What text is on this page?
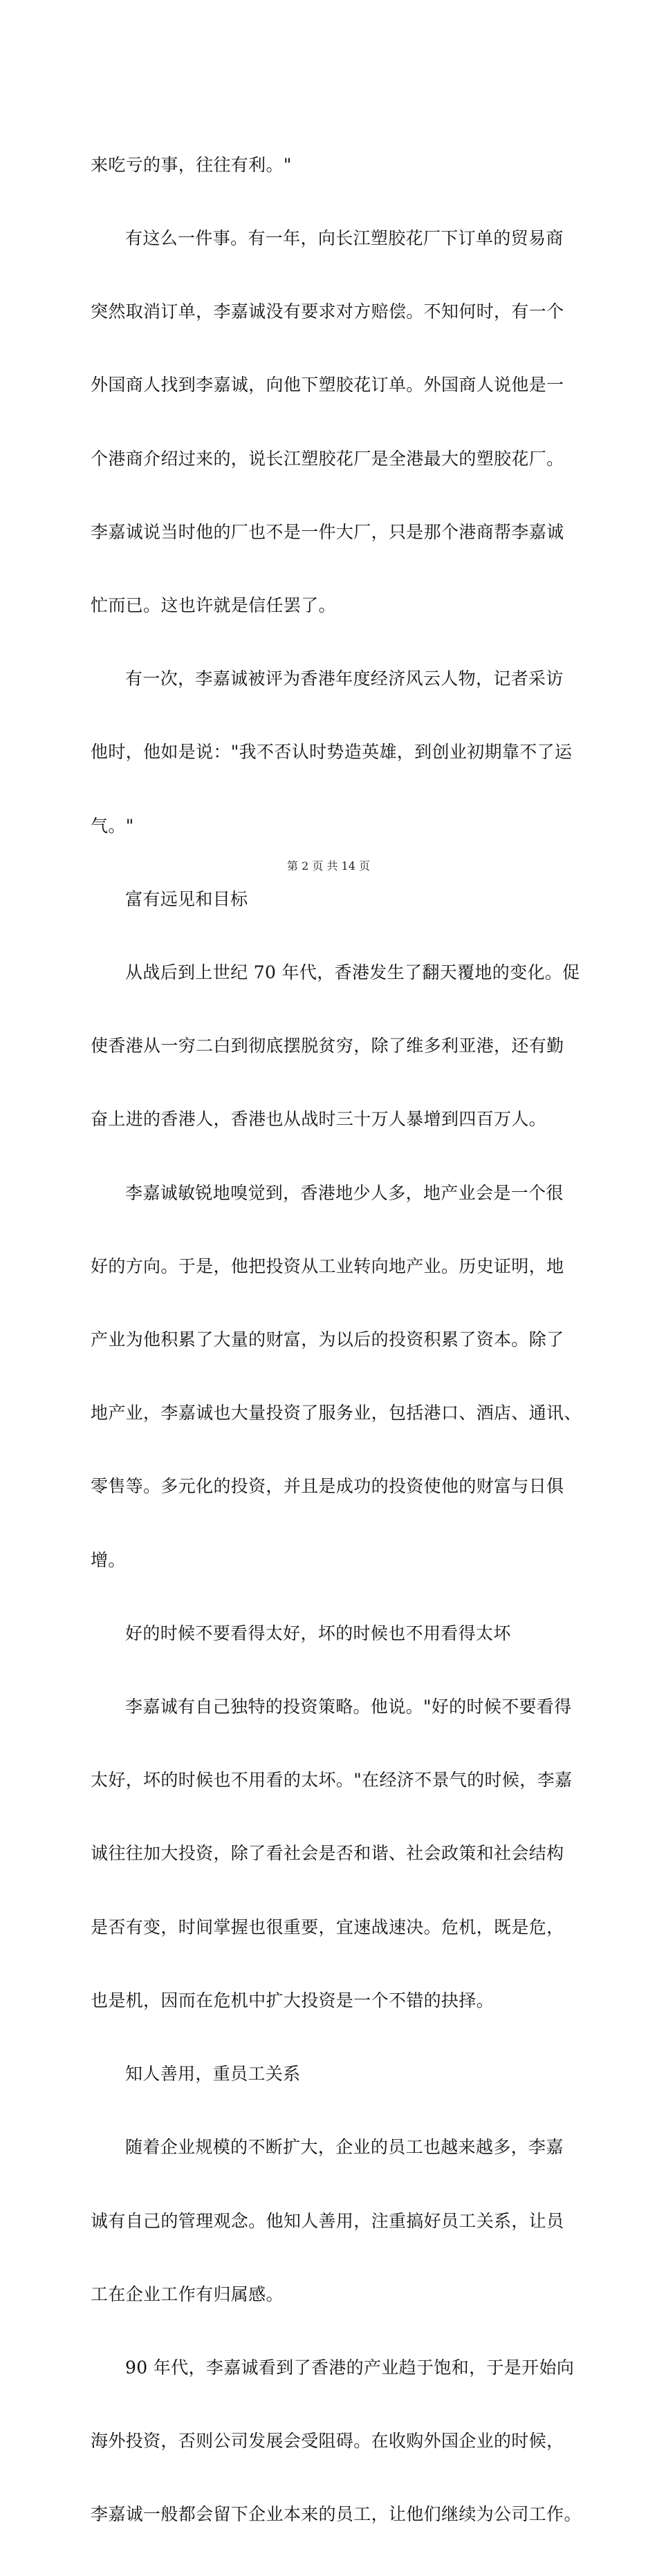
来吃亏的事，往往有利。"

有这么一件事。有一年，向长江塑胶花厂下订单的贸易商

突然取消订单，李嘉诚没有要求对方赔偿。不知何时，有一个

外国商人找到李嘉诚，向他下塑胶花订单。外国商人说他是一

个港商介绍过来的，说长江塑胶花厂是全港最大的塑胶花厂。

李嘉诚说当时他的厂也不是一件大厂，只是那个港商帮李嘉诚

忙而已。这也许就是信任罢了。

有一次，李嘉诚被评为香港年度经济风云人物，记者采访

他时，他如是说："我不否认时势造英雄，到创业初期靠不了运

气。"

富有远见和目标

从战后到上世纪 70 年代，香港发生了翻天覆地的变化。促

使香港从一穷二白到彻底摆脱贫穷，除了维多利亚港，还有勤

奋上进的香港人，香港也从战时三十万人暴增到四百万人。

李嘉诚敏锐地嗅觉到，香港地少人多，地产业会是一个很

好的方向。于是，他把投资从工业转向地产业。历史证明，地

产业为他积累了大量的财富，为以后的投资积累了资本。除了

地产业，李嘉诚也大量投资了服务业，包括港口、酒店、通讯、

零售等。多元化的投资，并且是成功的投资使他的财富与日俱

增。

好的时候不要看得太好，坏的时候也不用看得太坏

李嘉诚有自己独特的投资策略。他说。"好的时候不要看得

太好，坏的时候也不用看的太坏。"在经济不景气的时候，李嘉

诚往往加大投资，除了看社会是否和谐、社会政策和社会结构

是否有变，时间掌握也很重要，宜速战速决。危机，既是危，

也是机，因而在危机中扩大投资是一个不错的抉择。

知人善用，重员工关系

随着企业规模的不断扩大，企业的员工也越来越多，李嘉

诚有自己的管理观念。他知人善用，注重搞好员工关系，让员

工在企业工作有归属感。

90 年代，李嘉诚看到了香港的产业趋于饱和，于是开始向

海外投资，否则公司发展会受阻碍。在收购外国企业的时候，

李嘉诚一般都会留下企业本来的员工，让他们继续为公司工作。

第 2 页 共 14 页
